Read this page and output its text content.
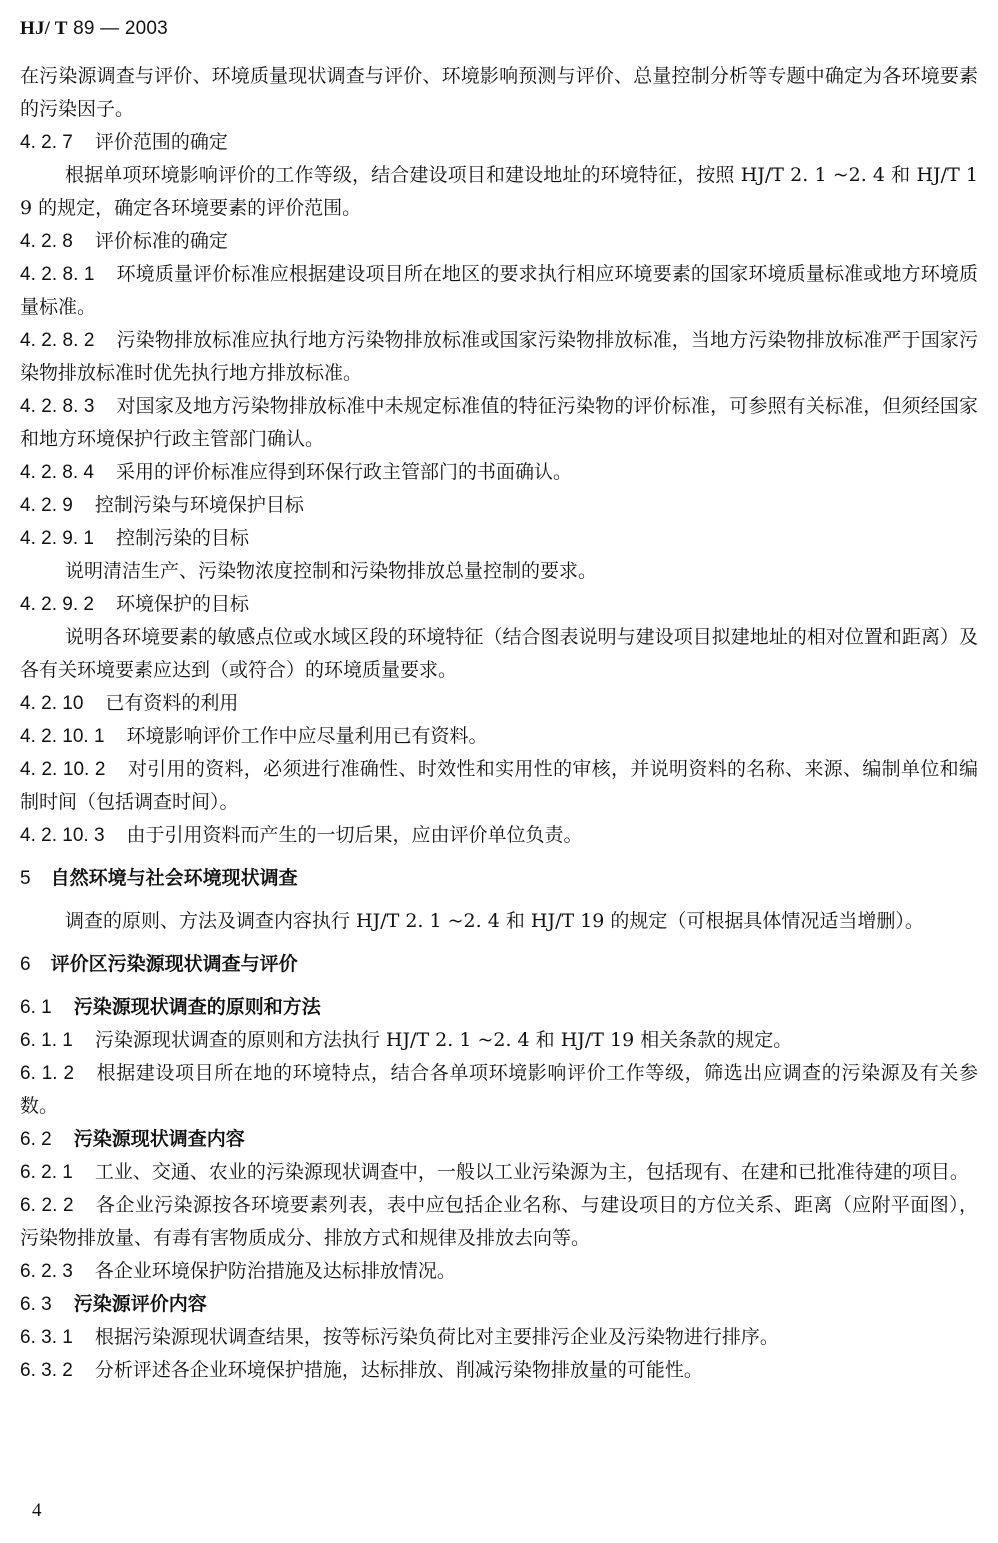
HJ/ T 89 — 2003

在污染源调查与评价、环境质量现状调查与评价、环境影响预测与评价、总量控制分析等专题中确定为各环境要素的污染因子。

4. 2. 7 评价范围的确定

根据单项环境影响评价的工作等级，结合建设项目和建设地址的环境特征，按照 HJ/T 2. 1 ~2. 4 和 HJ/T 19 的规定，确定各环境要素的评价范围。

4. 2. 8 评价标准的确定

4. 2. 8. 1 环境质量评价标准应根据建设项目所在地区的要求执行相应环境要素的国家环境质量标准或地方环境质量标准。

4. 2. 8. 2 污染物排放标准应执行地方污染物排放标准或国家污染物排放标准，当地方污染物排放标准严于国家污染物排放标准时优先执行地方排放标准。

4. 2. 8. 3 对国家及地方污染物排放标准中未规定标准值的特征污染物的评价标准，可参照有关标准，但须经国家和地方环境保护行政主管部门确认。

4. 2. 8. 4 采用的评价标准应得到环保行政主管部门的书面确认。

4. 2. 9 控制污染与环境保护目标

4. 2. 9. 1 控制污染的目标

说明清洁生产、污染物浓度控制和污染物排放总量控制的要求。

4. 2. 9. 2 环境保护的目标

说明各环境要素的敏感点位或水域区段的环境特征（结合图表说明与建设项目拟建地址的相对位置和距离）及各有关环境要素应达到（或符合）的环境质量要求。

4. 2. 10 已有资料的利用

4. 2. 10. 1 环境影响评价工作中应尽量利用已有资料。

4. 2. 10. 2 对引用的资料，必须进行准确性、时效性和实用性的审核，并说明资料的名称、来源、编制单位和编制时间（包括调查时间）。

4. 2. 10. 3 由于引用资料而产生的一切后果，应由评价单位负责。

5 自然环境与社会环境现状调查

调查的原则、方法及调查内容执行 HJ/T 2. 1 ~2. 4 和 HJ/T 19 的规定（可根据具体情况适当增删）。

6 评价区污染源现状调查与评价

6. 1 污染源现状调查的原则和方法

6. 1. 1 污染源现状调查的原则和方法执行 HJ/T 2. 1 ~2. 4 和 HJ/T 19 相关条款的规定。

6. 1. 2 根据建设项目所在地的环境特点，结合各单项环境影响评价工作等级，筛选出应调查的污染源及有关参数。

6. 2 污染源现状调查内容

6. 2. 1 工业、交通、农业的污染源现状调查中，一般以工业污染源为主，包括现有、在建和已批准待建的项目。

6. 2. 2 各企业污染源按各环境要素列表，表中应包括企业名称、与建设项目的方位关系、距离（应附平面图），污染物排放量、有毒有害物质成分、排放方式和规律及排放去向等。

6. 2. 3 各企业环境保护防治措施及达标排放情况。

6. 3 污染源评价内容

6. 3. 1 根据污染源现状调查结果，按等标污染负荷比对主要排污企业及污染物进行排序。

6. 3. 2 分析评述各企业环境保护措施，达标排放、削减污染物排放量的可能性。

4
